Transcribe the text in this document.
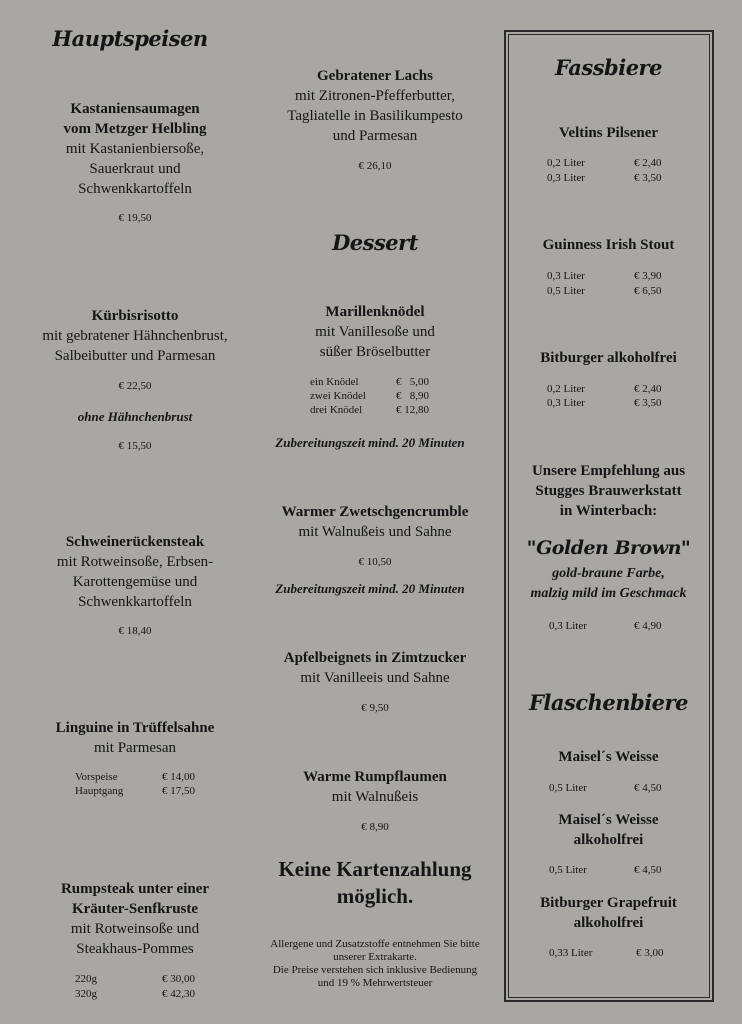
Hauptspeisen
Kastaniensaumagen
vom Metzger Helbling
mit Kastanienbiersoße,
Sauerkraut und
Schwenkkartoffeln
€ 19,50
Kürbisrisotto
mit gebratener Hähnchenbrust,
Salbeibutter und Parmesan
€ 22,50
ohne Hähnchenbrust
€ 15,50
Schweinerückensteak
mit Rotweinsoße, Erbsen-
Karottengemüse und
Schwenkkartoffeln
€ 18,40
Linguine in Trüffelsahne
mit Parmesan
Vorspeise	€ 14,00
Hauptgang	€ 17,50
Rumpsteak unter einer
Kräuter-Senfkruste
mit Rotweinsoße und
Steakhaus-Pommes
220g	€ 30,00
320g	€ 42,30
Gebratener Lachs
mit Zitronen-Pfefferbutter,
Tagliatelle in Basilikumpesto
und Parmesan
€ 26,10
Dessert
Marillenknödel
mit Vanillesoße und
süßer Bröselbutter
ein Knödel	€   5,00
zwei Knödel	€   8,90
drei Knödel	€ 12,80
Zubereitungszeit mind. 20 Minuten
Warmer Zwetschgencrumble
mit Walnußeis und Sahne
€ 10,50
Zubereitungszeit mind. 20 Minuten
Apfelbeignets in Zimtzucker
mit Vanilleeis und Sahne
€ 9,50
Warme Rumpflaumen
mit Walnußeis
€ 8,90
Keine Kartenzahlung
möglich.
Allergene und Zusatzstoffe entnehmen Sie bitte
unserer Extrakarte.
Die Preise verstehen sich inklusive Bedienung
und 19 % Mehrwertsteuer
Fassbiere
Veltins Pilsener
0,2 Liter	€ 2,40
0,3 Liter	€ 3,50
Guinness Irish Stout
0,3 Liter	€ 3,90
0,5 Liter	€ 6,50
Bitburger alkoholfrei
0,2 Liter	€ 2,40
0,3 Liter	€ 3,50
Unsere Empfehlung aus
Stugges Brauwerkstatt
in Winterbach:
"Golden Brown"
gold-braune Farbe,
malzig mild im Geschmack
0,3 Liter	€ 4,90
Flaschenbiere
Maisel´s Weisse
0,5 Liter	€ 4,50
Maisel´s Weisse
alkoholfrei
0,5 Liter	€ 4,50
Bitburger Grapefruit
alkoholfrei
0,33 Liter	€ 3,00
